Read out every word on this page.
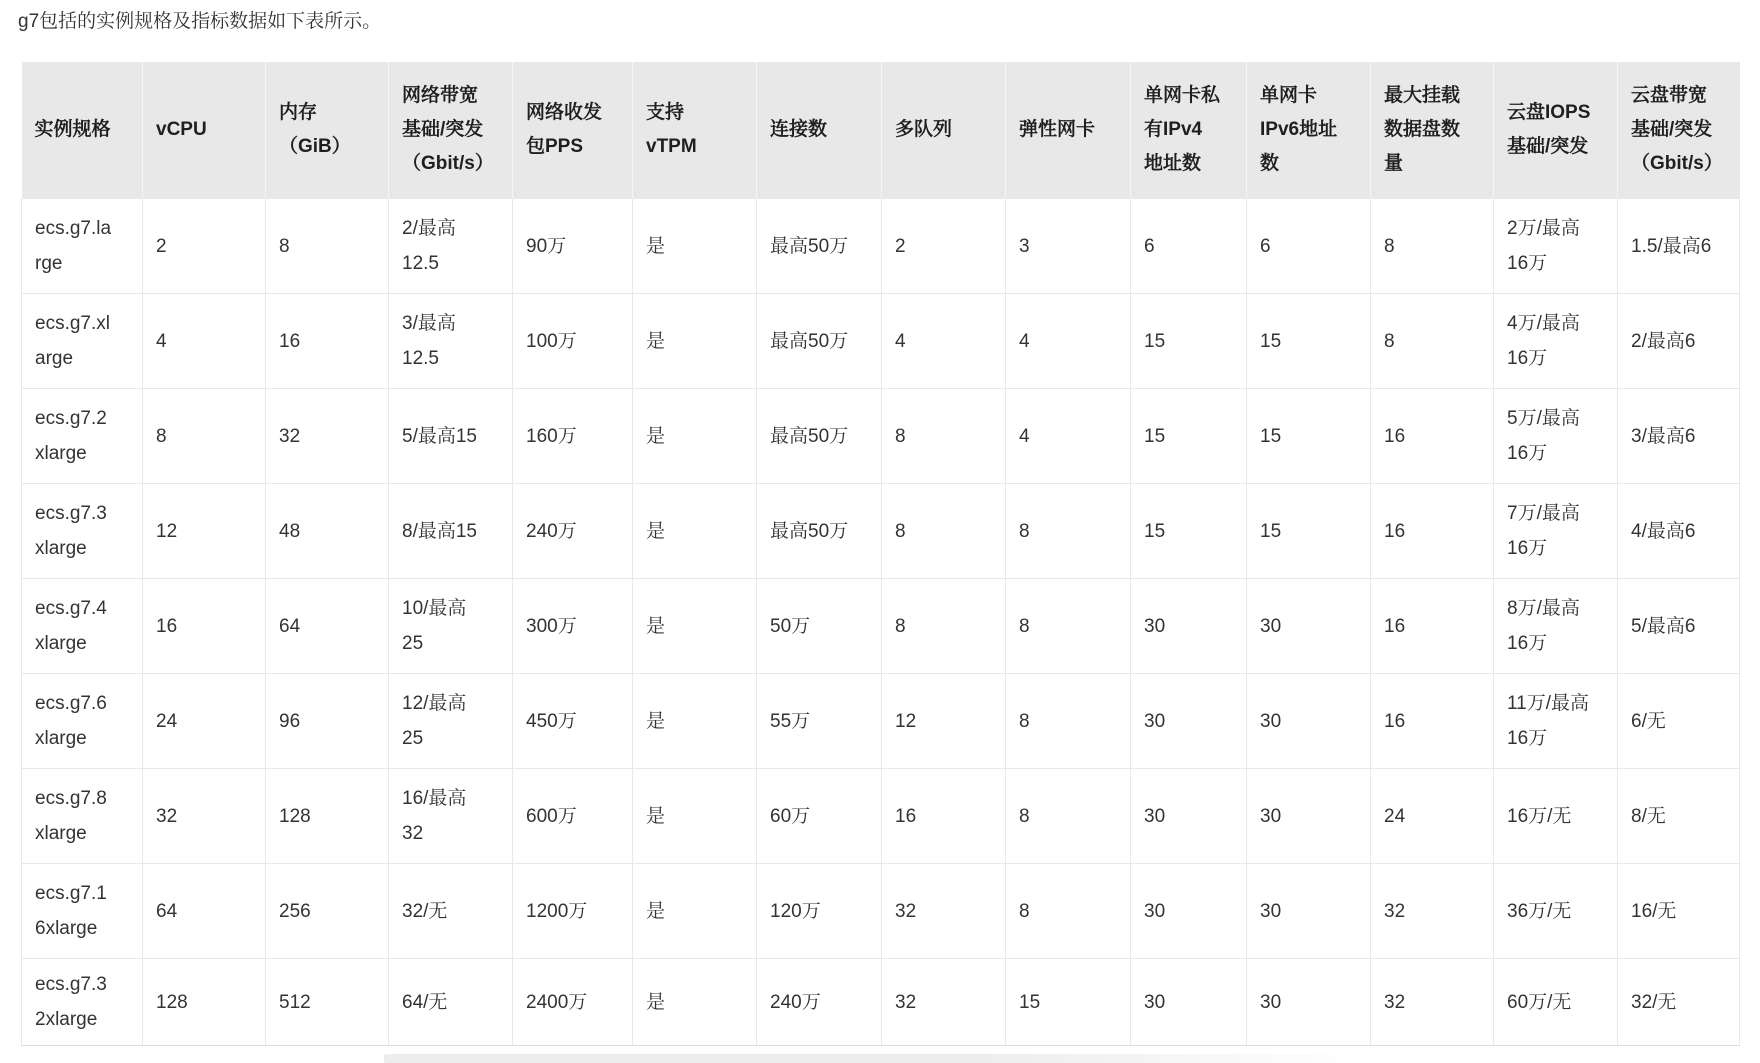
g7包括的实例规格及指标数据如下表所示。

实例规格	vCPU	内存（GiB）	网络带宽基础/突发（Gbit/s）	网络收发包PPS	支持vTPM	连接数	多队列	弹性网卡	单网卡私有IPv4地址数	单网卡IPv6地址数	最大挂载数据盘数量	云盘IOPS基础/突发	云盘带宽基础/突发（Gbit/s）
ecs.g7.large	2	8	2/最高12.5	90万	是	最高50万	2	3	6	6	8	2万/最高16万	1.5/最高6
ecs.g7.xlarge	4	16	3/最高12.5	100万	是	最高50万	4	4	15	15	8	4万/最高16万	2/最高6
ecs.g7.2xlarge	8	32	5/最高15	160万	是	最高50万	8	4	15	15	16	5万/最高16万	3/最高6
ecs.g7.3xlarge	12	48	8/最高15	240万	是	最高50万	8	8	15	15	16	7万/最高16万	4/最高6
ecs.g7.4xlarge	16	64	10/最高25	300万	是	50万	8	8	30	30	16	8万/最高16万	5/最高6
ecs.g7.6xlarge	24	96	12/最高25	450万	是	55万	12	8	30	30	16	11万/最高16万	6/无
ecs.g7.8xlarge	32	128	16/最高32	600万	是	60万	16	8	30	30	24	16万/无	8/无
ecs.g7.16xlarge	64	256	32/无	1200万	是	120万	32	8	30	30	32	36万/无	16/无
ecs.g7.32xlarge	128	512	64/无	2400万	是	240万	32	15	30	30	32	60万/无	32/无
